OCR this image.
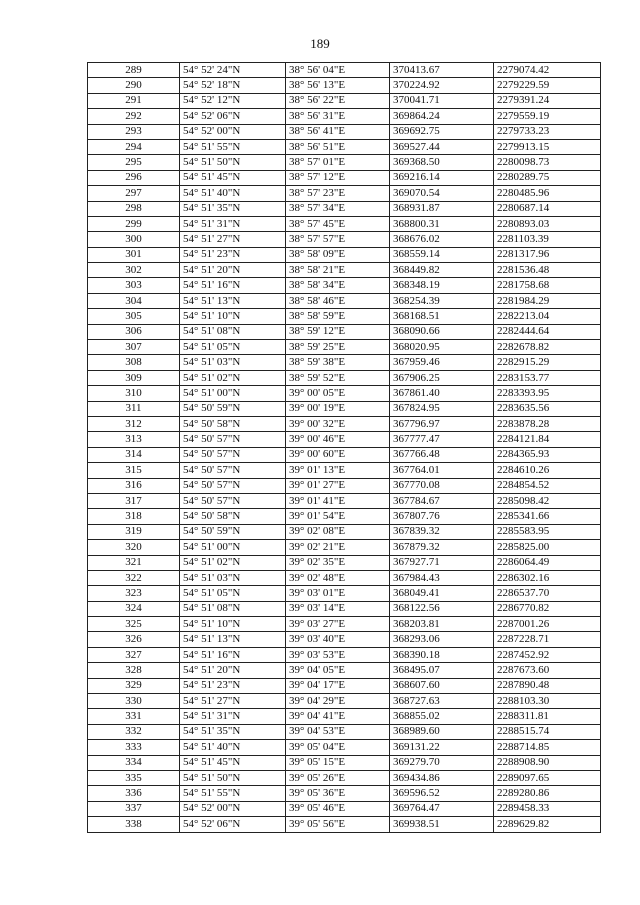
189
289	54° 52' 24"N	38° 56' 04"E	370413.67	2279074.42
290	54° 52' 18"N	38° 56' 13"E	370224.92	2279229.59
291	54° 52' 12"N	38° 56' 22"E	370041.71	2279391.24
292	54° 52' 06"N	38° 56' 31"E	369864.24	2279559.19
293	54° 52' 00"N	38° 56' 41"E	369692.75	2279733.23
294	54° 51' 55"N	38° 56' 51"E	369527.44	2279913.15
295	54° 51' 50"N	38° 57' 01"E	369368.50	2280098.73
296	54° 51' 45"N	38° 57' 12"E	369216.14	2280289.75
297	54° 51' 40"N	38° 57' 23"E	369070.54	2280485.96
298	54° 51' 35"N	38° 57' 34"E	368931.87	2280687.14
299	54° 51' 31"N	38° 57' 45"E	368800.31	2280893.03
300	54° 51' 27"N	38° 57' 57"E	368676.02	2281103.39
301	54° 51' 23"N	38° 58' 09"E	368559.14	2281317.96
302	54° 51' 20"N	38° 58' 21"E	368449.82	2281536.48
303	54° 51' 16"N	38° 58' 34"E	368348.19	2281758.68
304	54° 51' 13"N	38° 58' 46"E	368254.39	2281984.29
305	54° 51' 10"N	38° 58' 59"E	368168.51	2282213.04
306	54° 51' 08"N	38° 59' 12"E	368090.66	2282444.64
307	54° 51' 05"N	38° 59' 25"E	368020.95	2282678.82
308	54° 51' 03"N	38° 59' 38"E	367959.46	2282915.29
309	54° 51' 02"N	38° 59' 52"E	367906.25	2283153.77
310	54° 51' 00"N	39° 00' 05"E	367861.40	2283393.95
311	54° 50' 59"N	39° 00' 19"E	367824.95	2283635.56
312	54° 50' 58"N	39° 00' 32"E	367796.97	2283878.28
313	54° 50' 57"N	39° 00' 46"E	367777.47	2284121.84
314	54° 50' 57"N	39° 00' 60"E	367766.48	2284365.93
315	54° 50' 57"N	39° 01' 13"E	367764.01	2284610.26
316	54° 50' 57"N	39° 01' 27"E	367770.08	2284854.52
317	54° 50' 57"N	39° 01' 41"E	367784.67	2285098.42
318	54° 50' 58"N	39° 01' 54"E	367807.76	2285341.66
319	54° 50' 59"N	39° 02' 08"E	367839.32	2285583.95
320	54° 51' 00"N	39° 02' 21"E	367879.32	2285825.00
321	54° 51' 02"N	39° 02' 35"E	367927.71	2286064.49
322	54° 51' 03"N	39° 02' 48"E	367984.43	2286302.16
323	54° 51' 05"N	39° 03' 01"E	368049.41	2286537.70
324	54° 51' 08"N	39° 03' 14"E	368122.56	2286770.82
325	54° 51' 10"N	39° 03' 27"E	368203.81	2287001.26
326	54° 51' 13"N	39° 03' 40"E	368293.06	2287228.71
327	54° 51' 16"N	39° 03' 53"E	368390.18	2287452.92
328	54° 51' 20"N	39° 04' 05"E	368495.07	2287673.60
329	54° 51' 23"N	39° 04' 17"E	368607.60	2287890.48
330	54° 51' 27"N	39° 04' 29"E	368727.63	2288103.30
331	54° 51' 31"N	39° 04' 41"E	368855.02	2288311.81
332	54° 51' 35"N	39° 04' 53"E	368989.60	2288515.74
333	54° 51' 40"N	39° 05' 04"E	369131.22	2288714.85
334	54° 51' 45"N	39° 05' 15"E	369279.70	2288908.90
335	54° 51' 50"N	39° 05' 26"E	369434.86	2289097.65
336	54° 51' 55"N	39° 05' 36"E	369596.52	2289280.86
337	54° 52' 00"N	39° 05' 46"E	369764.47	2289458.33
338	54° 52' 06"N	39° 05' 56"E	369938.51	2289629.82
